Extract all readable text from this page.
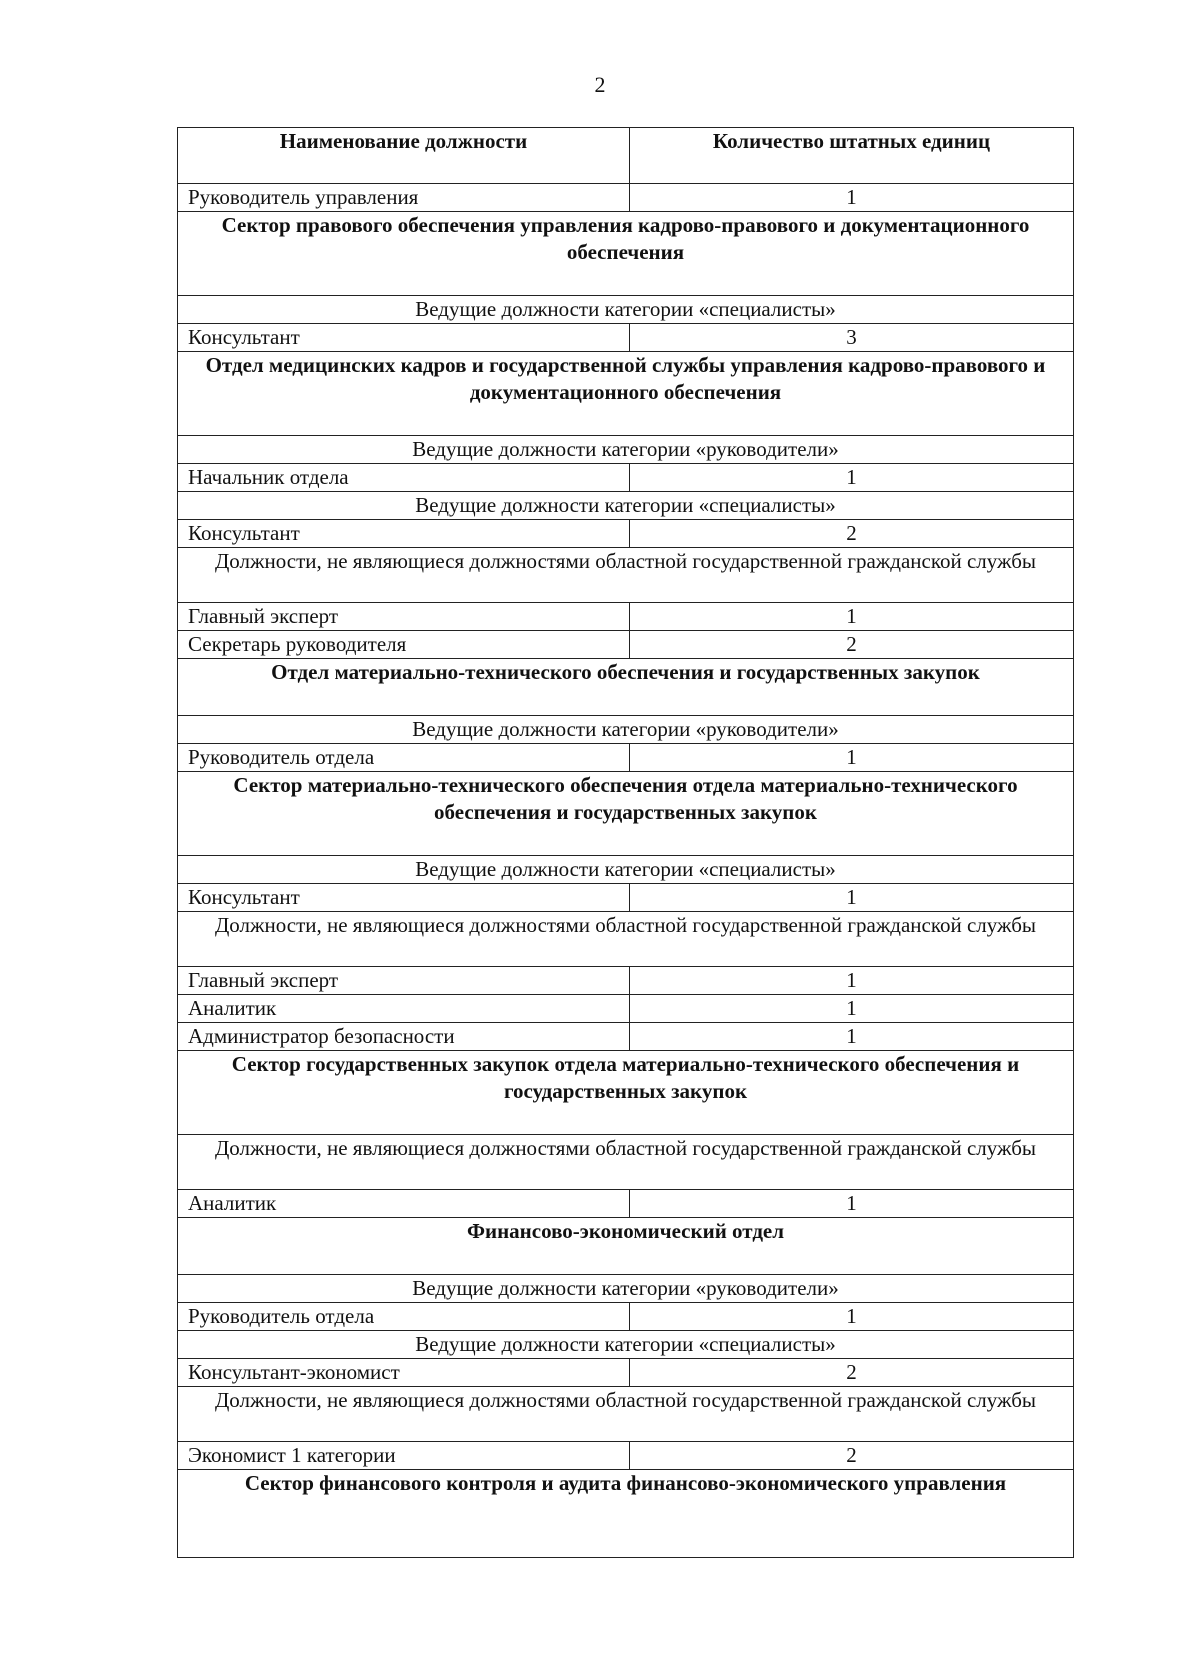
2
Наименование должности	Количество штатных единиц
Руководитель управления	1
Сектор правового обеспечения управления кадрово-правового и документационного обеспечения	
Ведущие должности категории «специалисты»	
Консультант	3
Отдел медицинских кадров и государственной службы управления кадрово-правового и документационного обеспечения	
Ведущие должности категории «руководители»	
Начальник отдела	1
Ведущие должности категории «специалисты»	
Консультант	2
Должности, не являющиеся должностями областной государственной гражданской службы	
Главный эксперт	1
Секретарь руководителя	2
Отдел материально-технического обеспечения и государственных закупок	
Ведущие должности категории «руководители»	
Руководитель отдела	1
Сектор материально-технического обеспечения отдела материально-технического обеспечения и государственных закупок	
Ведущие должности категории «специалисты»	
Консультант	1
Должности, не являющиеся должностями областной государственной гражданской службы	
Главный эксперт	1
Аналитик	1
Администратор безопасности	1
Сектор государственных закупок отдела материально-технического обеспечения и государственных закупок	
Должности, не являющиеся должностями областной государственной гражданской службы	
Аналитик	1
Финансово-экономический отдел	
Ведущие должности категории «руководители»	
Руководитель отдела	1
Ведущие должности категории «специалисты»	
Консультант-экономист	2
Должности, не являющиеся должностями областной государственной гражданской службы	
Экономист 1 категории	2
Сектор финансового контроля и аудита финансово-экономического управления	
